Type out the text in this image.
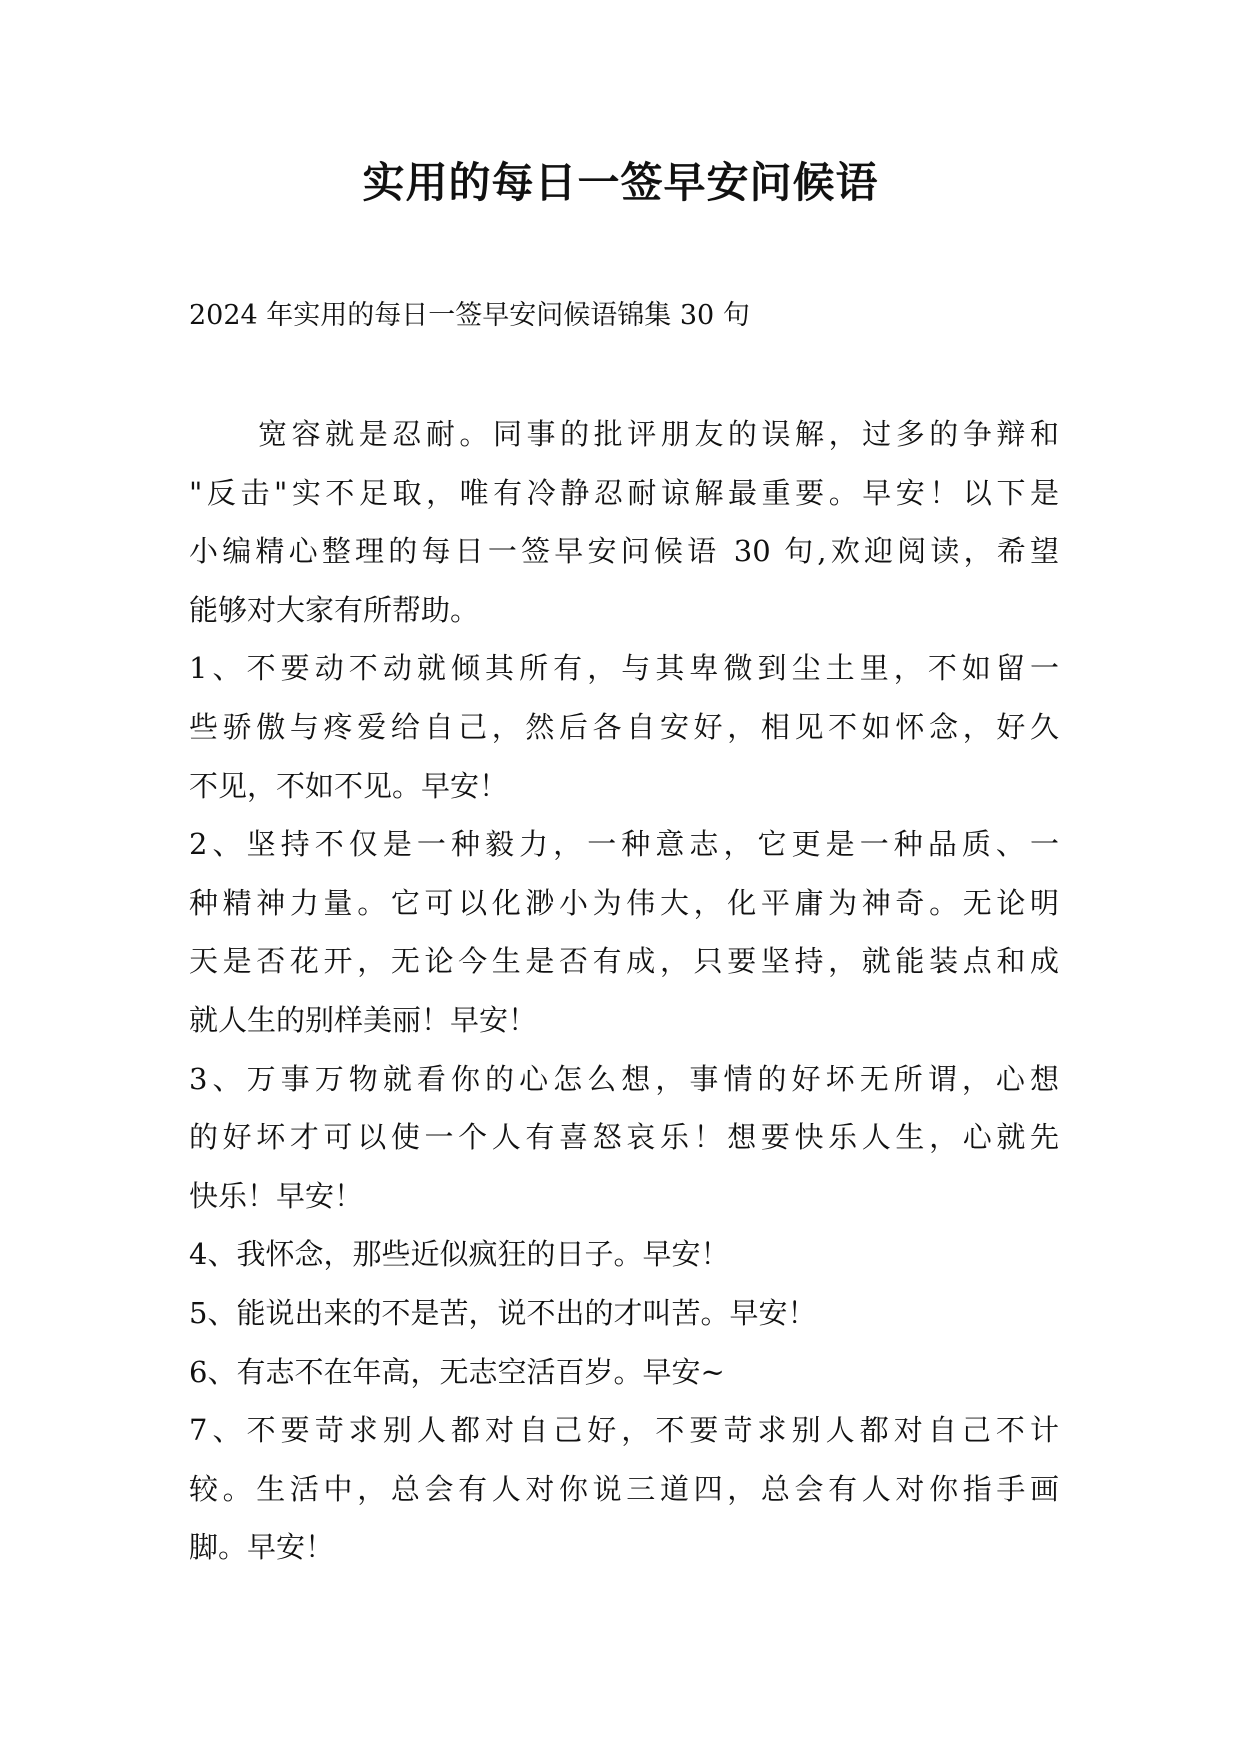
实用的每日一签早安问候语
2024 年实用的每日一签早安问候语锦集 30 句
宽容就是忍耐。同事的批评朋友的误解，过多的争辩和
"反击"实不足取，唯有冷静忍耐谅解最重要。早安！以下是
小编精心整理的每日一签早安问候语 30 句,欢迎阅读，希望
能够对大家有所帮助。
1、不要动不动就倾其所有，与其卑微到尘土里，不如留一
些骄傲与疼爱给自己，然后各自安好，相见不如怀念，好久
不见，不如不见。早安！
2、坚持不仅是一种毅力，一种意志，它更是一种品质、一
种精神力量。它可以化渺小为伟大，化平庸为神奇。无论明
天是否花开，无论今生是否有成，只要坚持，就能装点和成
就人生的别样美丽！早安！
3、万事万物就看你的心怎么想，事情的好坏无所谓，心想
的好坏才可以使一个人有喜怒哀乐！想要快乐人生，心就先
快乐！早安！
4、我怀念，那些近似疯狂的日子。早安！
5、能说出来的不是苦，说不出的才叫苦。早安！
6、有志不在年高，无志空活百岁。早安~
7、不要苛求别人都对自己好，不要苛求别人都对自己不计
较。生活中，总会有人对你说三道四，总会有人对你指手画
脚。早安！
